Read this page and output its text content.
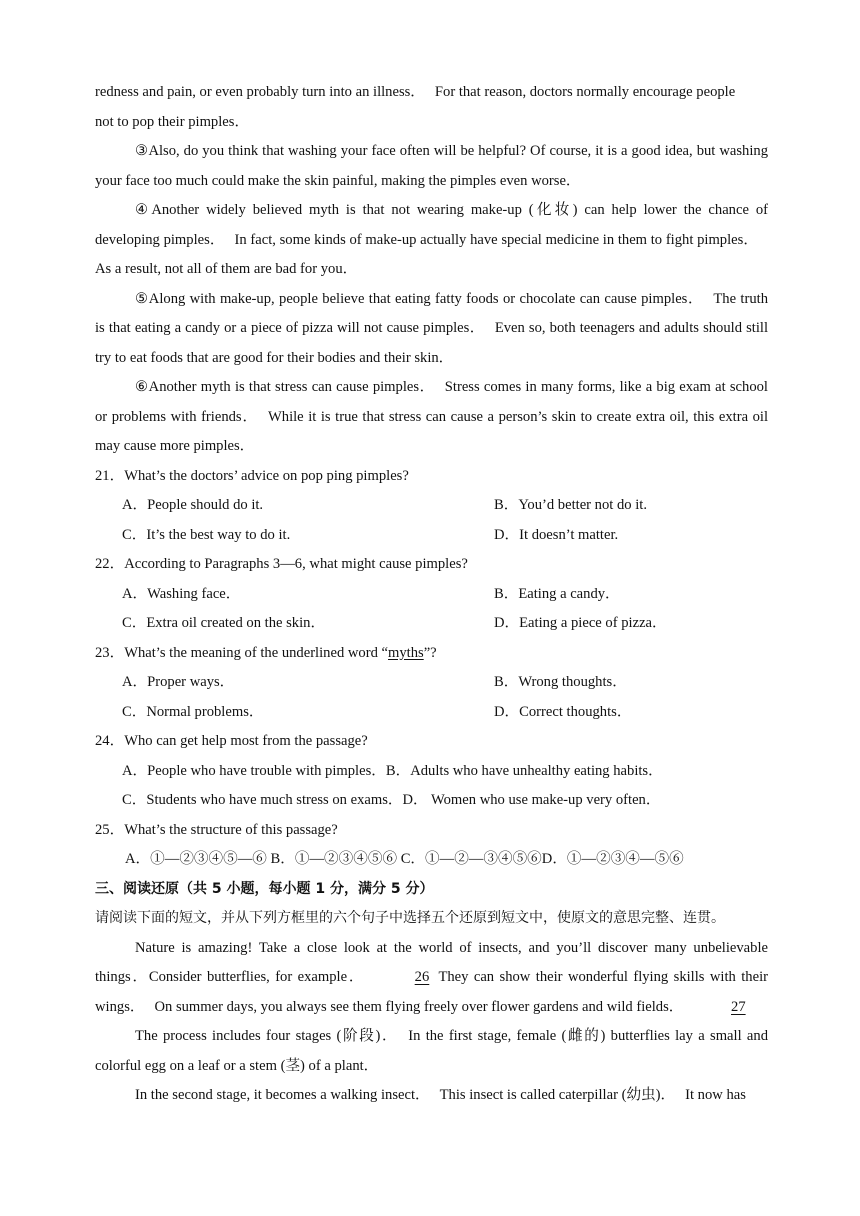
redness and pain, or even probably turn into an illness． For that reason, doctors normally encourage people
not to pop their pimples．

③Also, do you think that washing your face often will be helpful? Of course, it is a good idea, but washing your face too much could make the skin painful, making the pimples even worse．

④Another widely believed myth is that not wearing make-up (化妆) can help lower the chance of developing pimples． In fact, some kinds of make-up actually have special medicine in them to fight pimples．As a result, not all of them are bad for you．

⑤Along with make-up, people believe that eating fatty foods or chocolate can cause pimples． The truth is that eating a candy or a piece of pizza will not cause pimples． Even so, both teenagers and adults should still try to eat foods that are good for their bodies and their skin．

⑥Another myth is that stress can cause pimples． Stress comes in many forms, like a big exam at school or problems with friends． While it is true that stress can cause a person’s skin to create extra oil, this extra oil may cause more pimples．

21．What’s the doctors’ advice on pop ping pimples?
A．People should do it.	B．You’d better not do it.
C．It’s the best way to do it.	D．It doesn’t matter.
22．According to Paragraphs 3—6, what might cause pimples?
A．Washing face．	B．Eating a candy．
C．Extra oil created on the skin．	D．Eating a piece of pizza．
23．What’s the meaning of the underlined word “myths”?
A．Proper ways．	B．Wrong thoughts．
C．Normal problems．	D．Correct thoughts．
24．Who can get help most from the passage?
A．People who have trouble with pimples．B．Adults who have unhealthy eating habits．
C．Students who have much stress on exams．D． Women who use make-up very often．
25．What’s the structure of this passage?
A．①—②③④⑤—⑥ B．①—②③④⑤⑥ C．①—②—③④⑤⑥D．①—②③④—⑤⑥
三、阅读还原（共 5 小题，每小题 1 分，满分 5 分）
请阅读下面的短文，并从下列方框里的六个句子中选择五个还原到短文中，使原文的意思完整、连贯。

Nature is amazing! Take a close look at the world of insects, and you’ll discover many unbelievable things．Consider butterflies, for example．	26 They can show their wonderful flying skills with their wings． On summer days, you always see them flying freely over flower gardens and wild fields．	27

The process includes four stages (阶段)． In the first stage, female (雌的) butterflies lay a small and colorful egg on a leaf or a stem (茎) of a plant．

In the second stage, it becomes a walking insect． This insect is called caterpillar (幼虫)． It now has
